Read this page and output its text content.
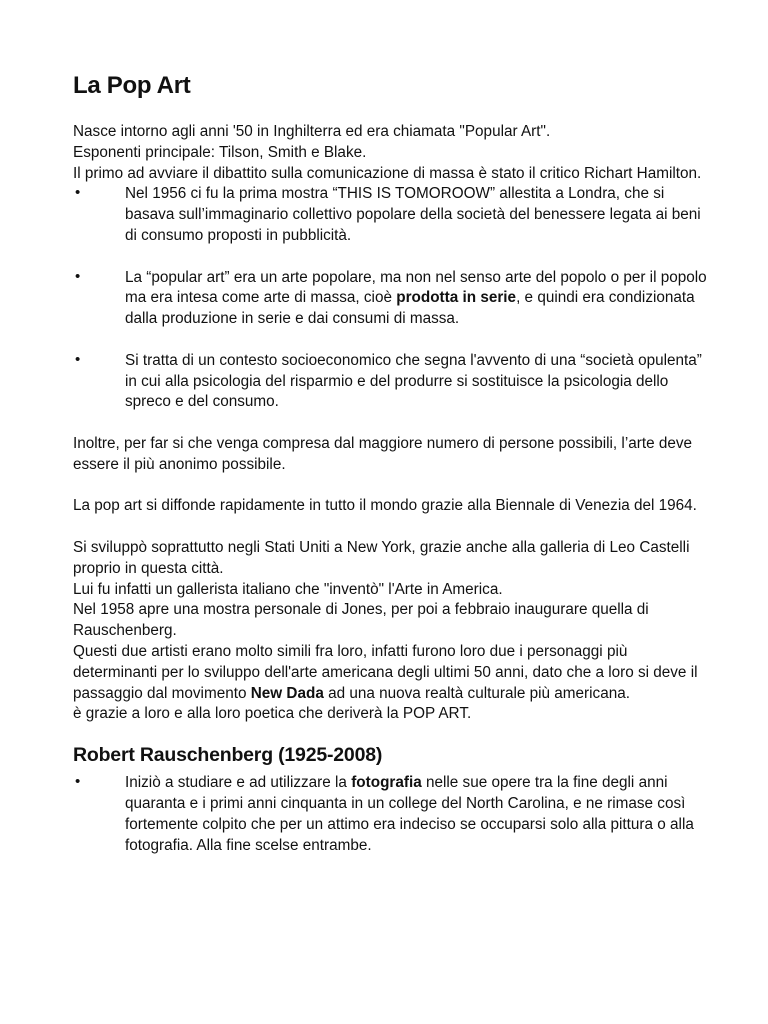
La Pop Art

Nasce intorno agli anni '50 in Inghilterra ed era chiamata "Popular Art".

Esponenti principale: Tilson, Smith e Blake.

Il primo ad avviare il dibattito sulla comunicazione di massa è stato il critico Richart Hamilton.

•	Nel 1956 ci fu la prima mostra “THIS IS TOMOROOW” allestita a Londra, che si basava sull’immaginario collettivo popolare della società del benessere legata ai beni di consumo proposti in pubblicità.
•	La “popular art” era un arte popolare, ma non nel senso arte del popolo o per il popolo ma era intesa come arte di massa, cioè prodotta in serie, e quindi era condizionata dalla produzione in serie e dai consumi di massa.
•	Si tratta di un contesto socioeconomico che segna l'avvento di una “società opulenta” in cui alla psicologia del risparmio e del produrre si sostituisce la psicologia dello spreco e del consumo.

Inoltre, per far si che venga compresa dal maggiore numero di persone possibili, l’arte deve essere il più anonimo possibile.

La pop art si diffonde rapidamente in tutto il mondo grazie alla Biennale di Venezia del 1964.

Si sviluppò soprattutto negli Stati Uniti a New York, grazie anche alla galleria di Leo Castelli proprio in questa città.

Lui fu infatti un gallerista italiano che "inventò" l'Arte in America.

Nel 1958 apre una mostra personale di Jones, per poi a febbraio inaugurare quella di Rauschenberg.

Questi due artisti erano molto simili fra loro, infatti furono loro due i personaggi più determinanti per lo sviluppo dell'arte americana degli ultimi 50 anni, dato che a loro si deve il passaggio dal movimento New Dada ad una nuova realtà culturale più americana.

è grazie a loro e alla loro poetica che deriverà la POP ART.

Robert Rauschenberg (1925-2008)
•	Iniziò a studiare e ad utilizzare la fotografia nelle sue opere tra la fine degli anni quaranta e i primi anni cinquanta in un college del North Carolina, e ne rimase così fortemente colpito che per un attimo era indeciso se occuparsi solo alla pittura o alla fotografia. Alla fine scelse entrambe.
